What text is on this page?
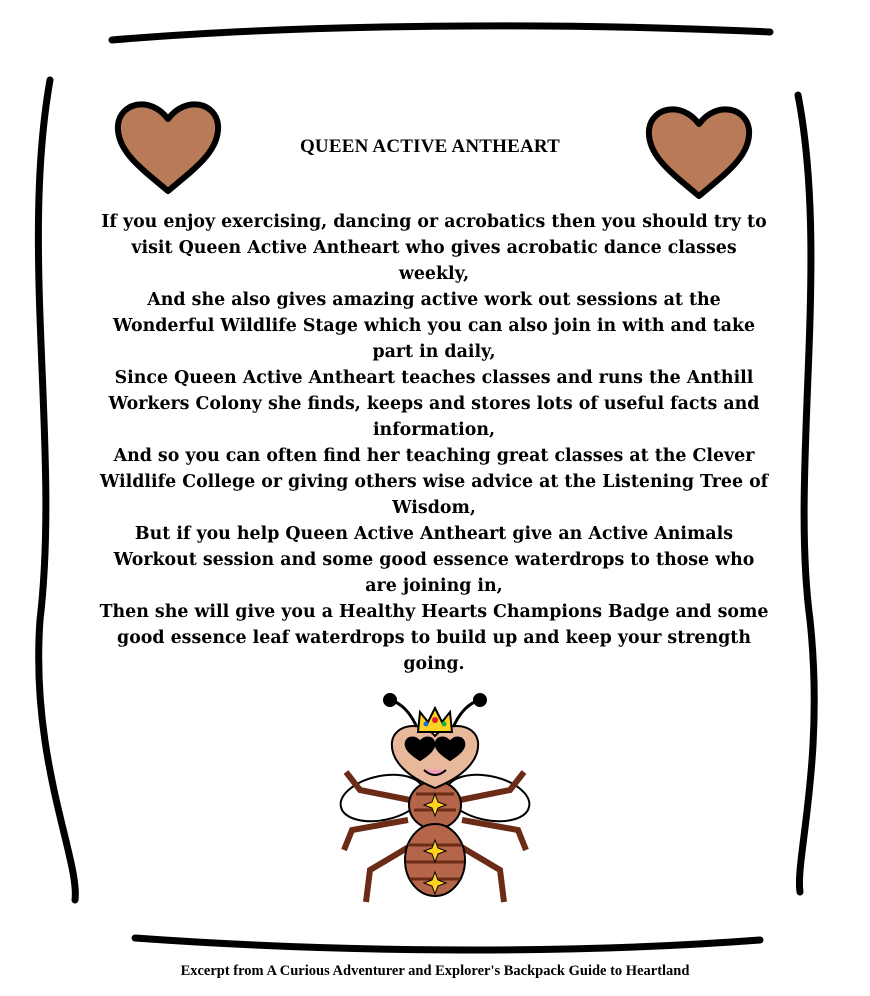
QUEEN ACTIVE ANTHEART

If you enjoy exercising, dancing or acrobatics then you should try to visit Queen Active Antheart who gives acrobatic dance classes weekly,

And she also gives amazing active work out sessions at the Wonderful Wildlife Stage which you can also join in with and take part in daily,

Since Queen Active Antheart teaches classes and runs the Anthill Workers Colony she finds, keeps and stores lots of useful facts and information,

And so you can often find her teaching great classes at the Clever Wildlife College or giving others wise advice at the Listening Tree of Wisdom,

But if you help Queen Active Antheart give an Active Animals Workout session and some good essence waterdrops to those who are joining in,

Then she will give you a Healthy Hearts Champions Badge and some good essence leaf waterdrops to build up and keep your strength going.

Excerpt from A Curious Adventurer and Explorer's Backpack Guide to Heartland
